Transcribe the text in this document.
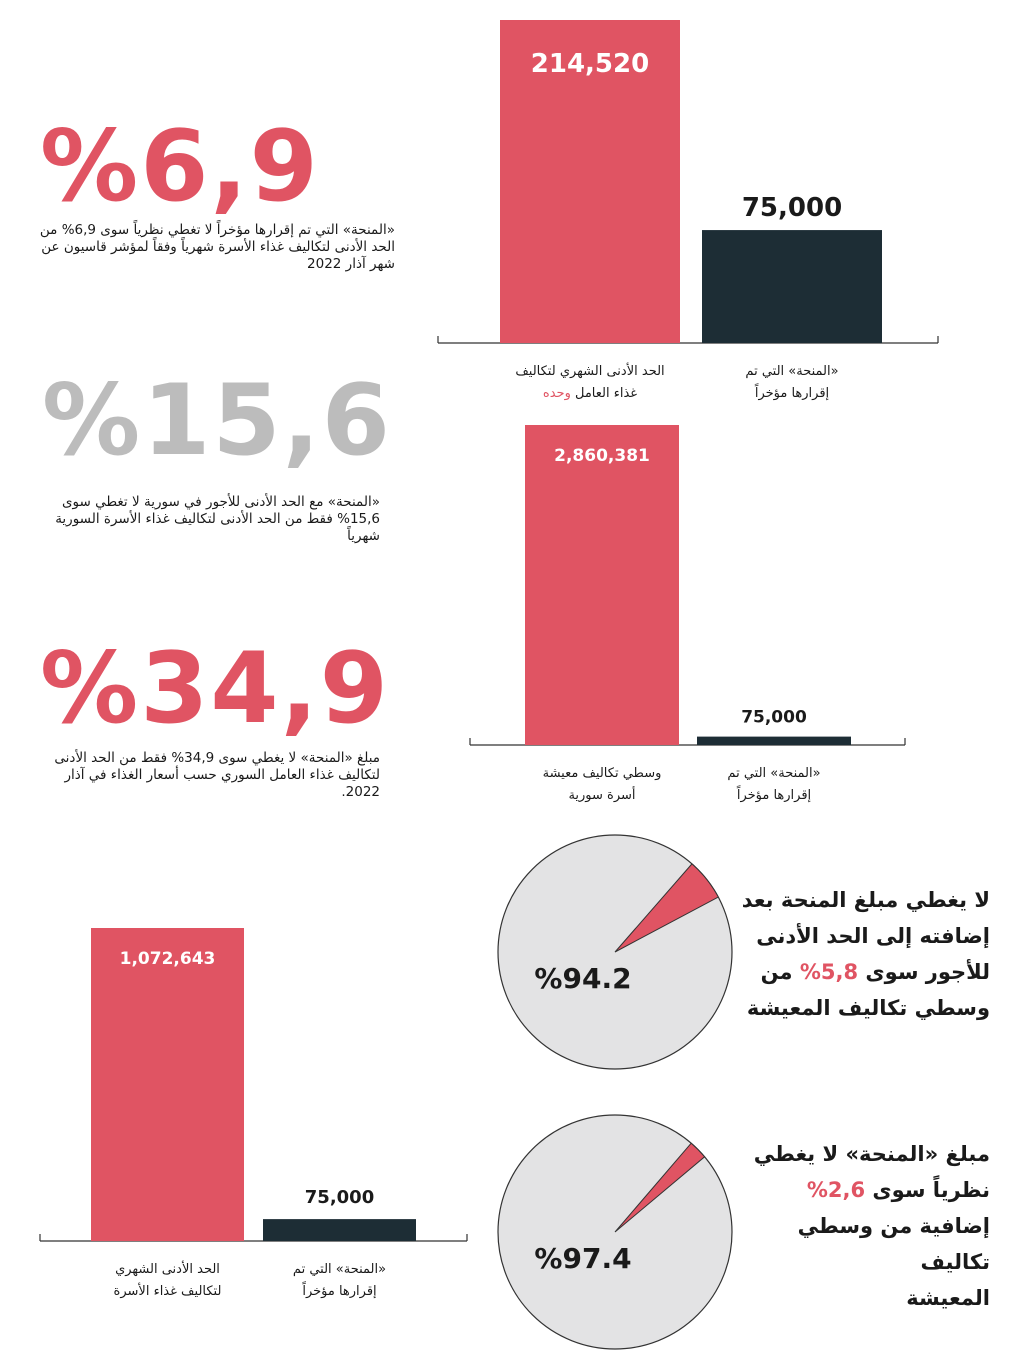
%6,9
«المنحة» التي تم إقرارها مؤخراً لا تغطي نظرياً سوى 6,9% من الحد الأدنى لتكاليف غذاء الأسرة شهرياً وفقاً لمؤشر قاسيون عن شهر آذار 2022
%15,6
«المنحة» مع الحد الأدنى للأجور في سورية لا تغطي سوى 15,6% فقط من الحد الأدنى لتكاليف غذاء الأسرة السورية شهرياً
%34,9
مبلغ «المنحة» لا يغطي سوى 34,9% فقط من الحد الأدنى لتكاليف غذاء العامل السوري حسب أسعار الغذاء في آذار 2022.
214,520
الحد الأدنى الشهري لتكاليف
غذاء العامل وحده
75,000
«المنحة» التي تم
إقرارها مؤخراً
2,860,381
وسطي تكاليف معيشة
أسرة سورية
75,000
«المنحة» التي تم
إقرارها مؤخراً
1,072,643
الحد الأدنى الشهري
لتكاليف غذاء الأسرة
75,000
«المنحة» التي تم
إقرارها مؤخراً
%94.2
لا يغطي مبلغ المنحة بعد
إضافته إلى الحد الأدنى
للأجور سوى 5,8% من
وسطي تكاليف المعيشة
%97.4
مبلغ «المنحة» لا يغطي
نظرياً سوى 2,6%
إضافية من وسطي تكاليف
المعيشة
